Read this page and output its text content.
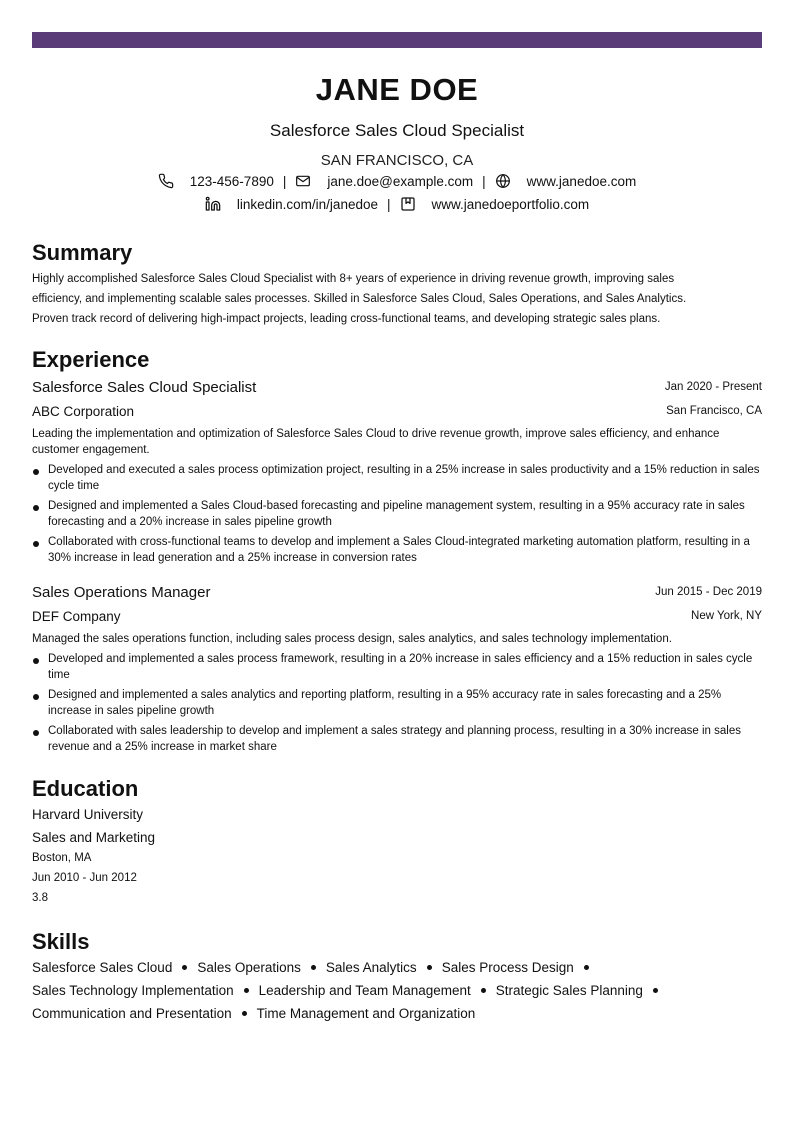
JANE DOE
Salesforce Sales Cloud Specialist
SAN FRANCISCO, CA
123-456-7890 |	jane.doe@example.com |	www.janedoe.com
linkedin.com/in/janedoe |	www.janedoeportfolio.com
Summary
Highly accomplished Salesforce Sales Cloud Specialist with 8+ years of experience in driving revenue growth, improving sales
efficiency, and implementing scalable sales processes. Skilled in Salesforce Sales Cloud, Sales Operations, and Sales Analytics.
Proven track record of delivering high-impact projects, leading cross-functional teams, and developing strategic sales plans.
Experience
Salesforce Sales Cloud Specialist	Jan 2020 - Present
ABC Corporation	San Francisco, CA
Leading the implementation and optimization of Salesforce Sales Cloud to drive revenue growth, improve sales efficiency, and enhance customer engagement.
Developed and executed a sales process optimization project, resulting in a 25% increase in sales productivity and a 15% reduction in sales cycle time
Designed and implemented a Sales Cloud-based forecasting and pipeline management system, resulting in a 95% accuracy rate in sales forecasting and a 20% increase in sales pipeline growth
Collaborated with cross-functional teams to develop and implement a Sales Cloud-integrated marketing automation platform, resulting in a 30% increase in lead generation and a 25% increase in conversion rates
Sales Operations Manager	Jun 2015 - Dec 2019
DEF Company	New York, NY
Managed the sales operations function, including sales process design, sales analytics, and sales technology implementation.
Developed and implemented a sales process framework, resulting in a 20% increase in sales efficiency and a 15% reduction in sales cycle time
Designed and implemented a sales analytics and reporting platform, resulting in a 95% accuracy rate in sales forecasting and a 25% increase in sales pipeline growth
Collaborated with sales leadership to develop and implement a sales strategy and planning process, resulting in a 30% increase in sales revenue and a 25% increase in market share
Education
Harvard University
Sales and Marketing
Boston, MA
Jun 2010 - Jun 2012
3.8
Skills
Salesforce Sales Cloud Sales Operations Sales Analytics Sales Process Design
Sales Technology Implementation Leadership and Team Management Strategic Sales Planning
Communication and Presentation Time Management and Organization
